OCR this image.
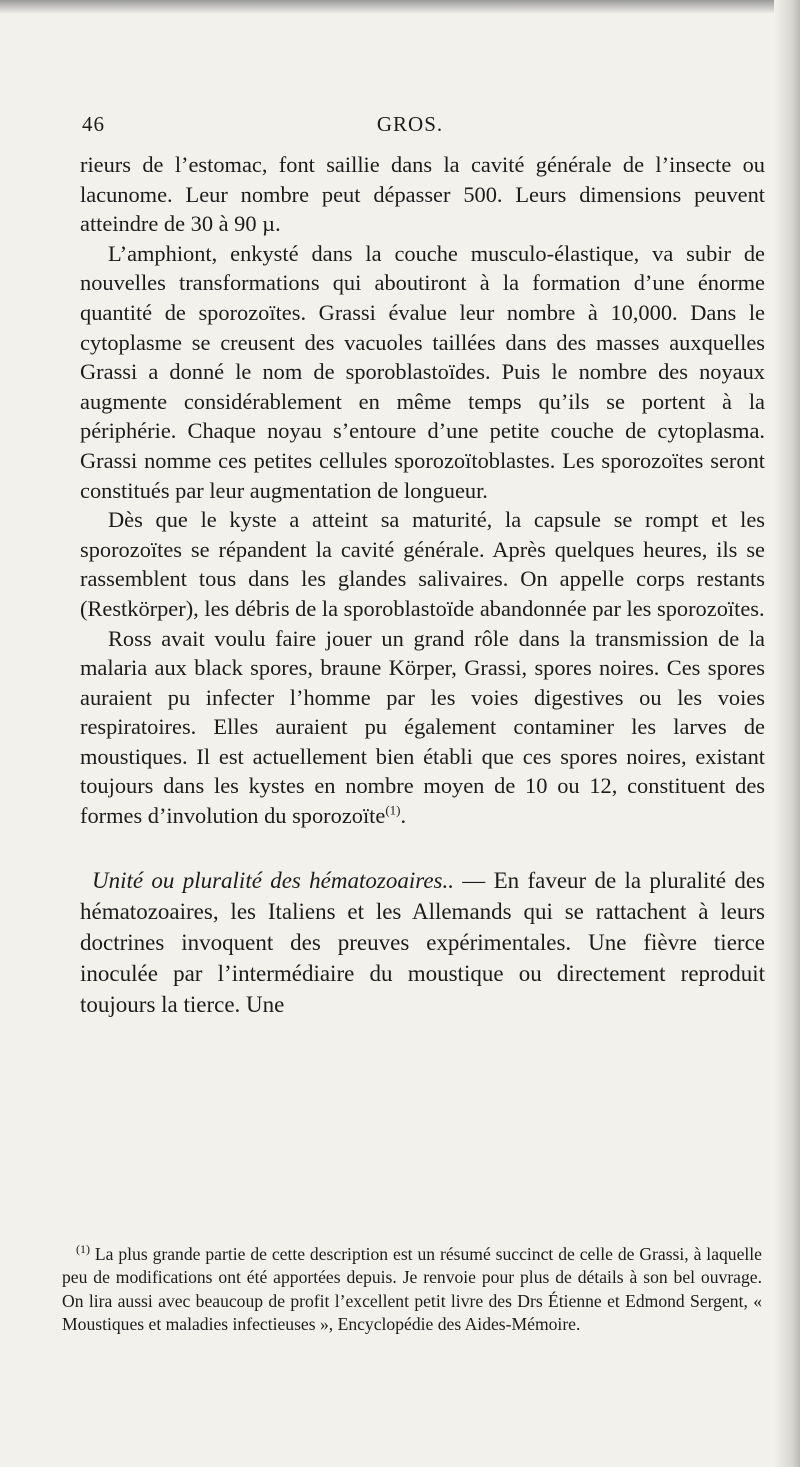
46	GROS.

rieurs de l’estomac, font saillie dans la cavité générale de l’insecte ou lacunome. Leur nombre peut dépasser 500. Leurs dimensions peuvent atteindre de 30 à 90 µ.

L’amphiont, enkysté dans la couche musculo-élastique, va subir de nouvelles transformations qui aboutiront à la formation d’une énorme quantité de sporozoïtes. Grassi évalue leur nombre à 10,000. Dans le cytoplasme se creusent des vacuoles taillées dans des masses auxquelles Grassi a donné le nom de sporoblastoïdes. Puis le nombre des noyaux augmente considérablement en même temps qu’ils se portent à la périphérie. Chaque noyau s’entoure d’une petite couche de cytoplasma. Grassi nomme ces petites cellules sporozoïtoblastes. Les sporozoïtes seront constitués par leur augmentation de longueur.

Dès que le kyste a atteint sa maturité, la capsule se rompt et les sporozoïtes se répandent la cavité générale. Après quelques heures, ils se rassemblent tous dans les glandes salivaires. On appelle corps restants (Restkörper), les débris de la sporoblastoïde abandonnée par les sporozoïtes.

Ross avait voulu faire jouer un grand rôle dans la transmission de la malaria aux black spores, braune Körper, Grassi, spores noires. Ces spores auraient pu infecter l’homme par les voies digestives ou les voies respiratoires. Elles auraient pu également contaminer les larves de moustiques. Il est actuellement bien établi que ces spores noires, existant toujours dans les kystes en nombre moyen de 10 ou 12, constituent des formes d’involution du sporozoïte$^{(1)}$.

Unité ou pluralité des hématozoaires.. — En faveur de la pluralité des hématozoaires, les Italiens et les Allemands qui se rattachent à leurs doctrines invoquent des preuves expérimentales. Une fièvre tierce inoculée par l’intermédiaire du moustique ou directement reproduit toujours la tierce. Une

$^{(1)}$ La plus grande partie de cette description est un résumé succinct de celle de Grassi, à laquelle peu de modifications ont été apportées depuis. Je renvoie pour plus de détails à son bel ouvrage. On lira aussi avec beaucoup de profit l’excellent petit livre des Drs Étienne et Edmond Sergent, « Moustiques et maladies infectieuses », Encyclopédie des Aides-Mémoire.
